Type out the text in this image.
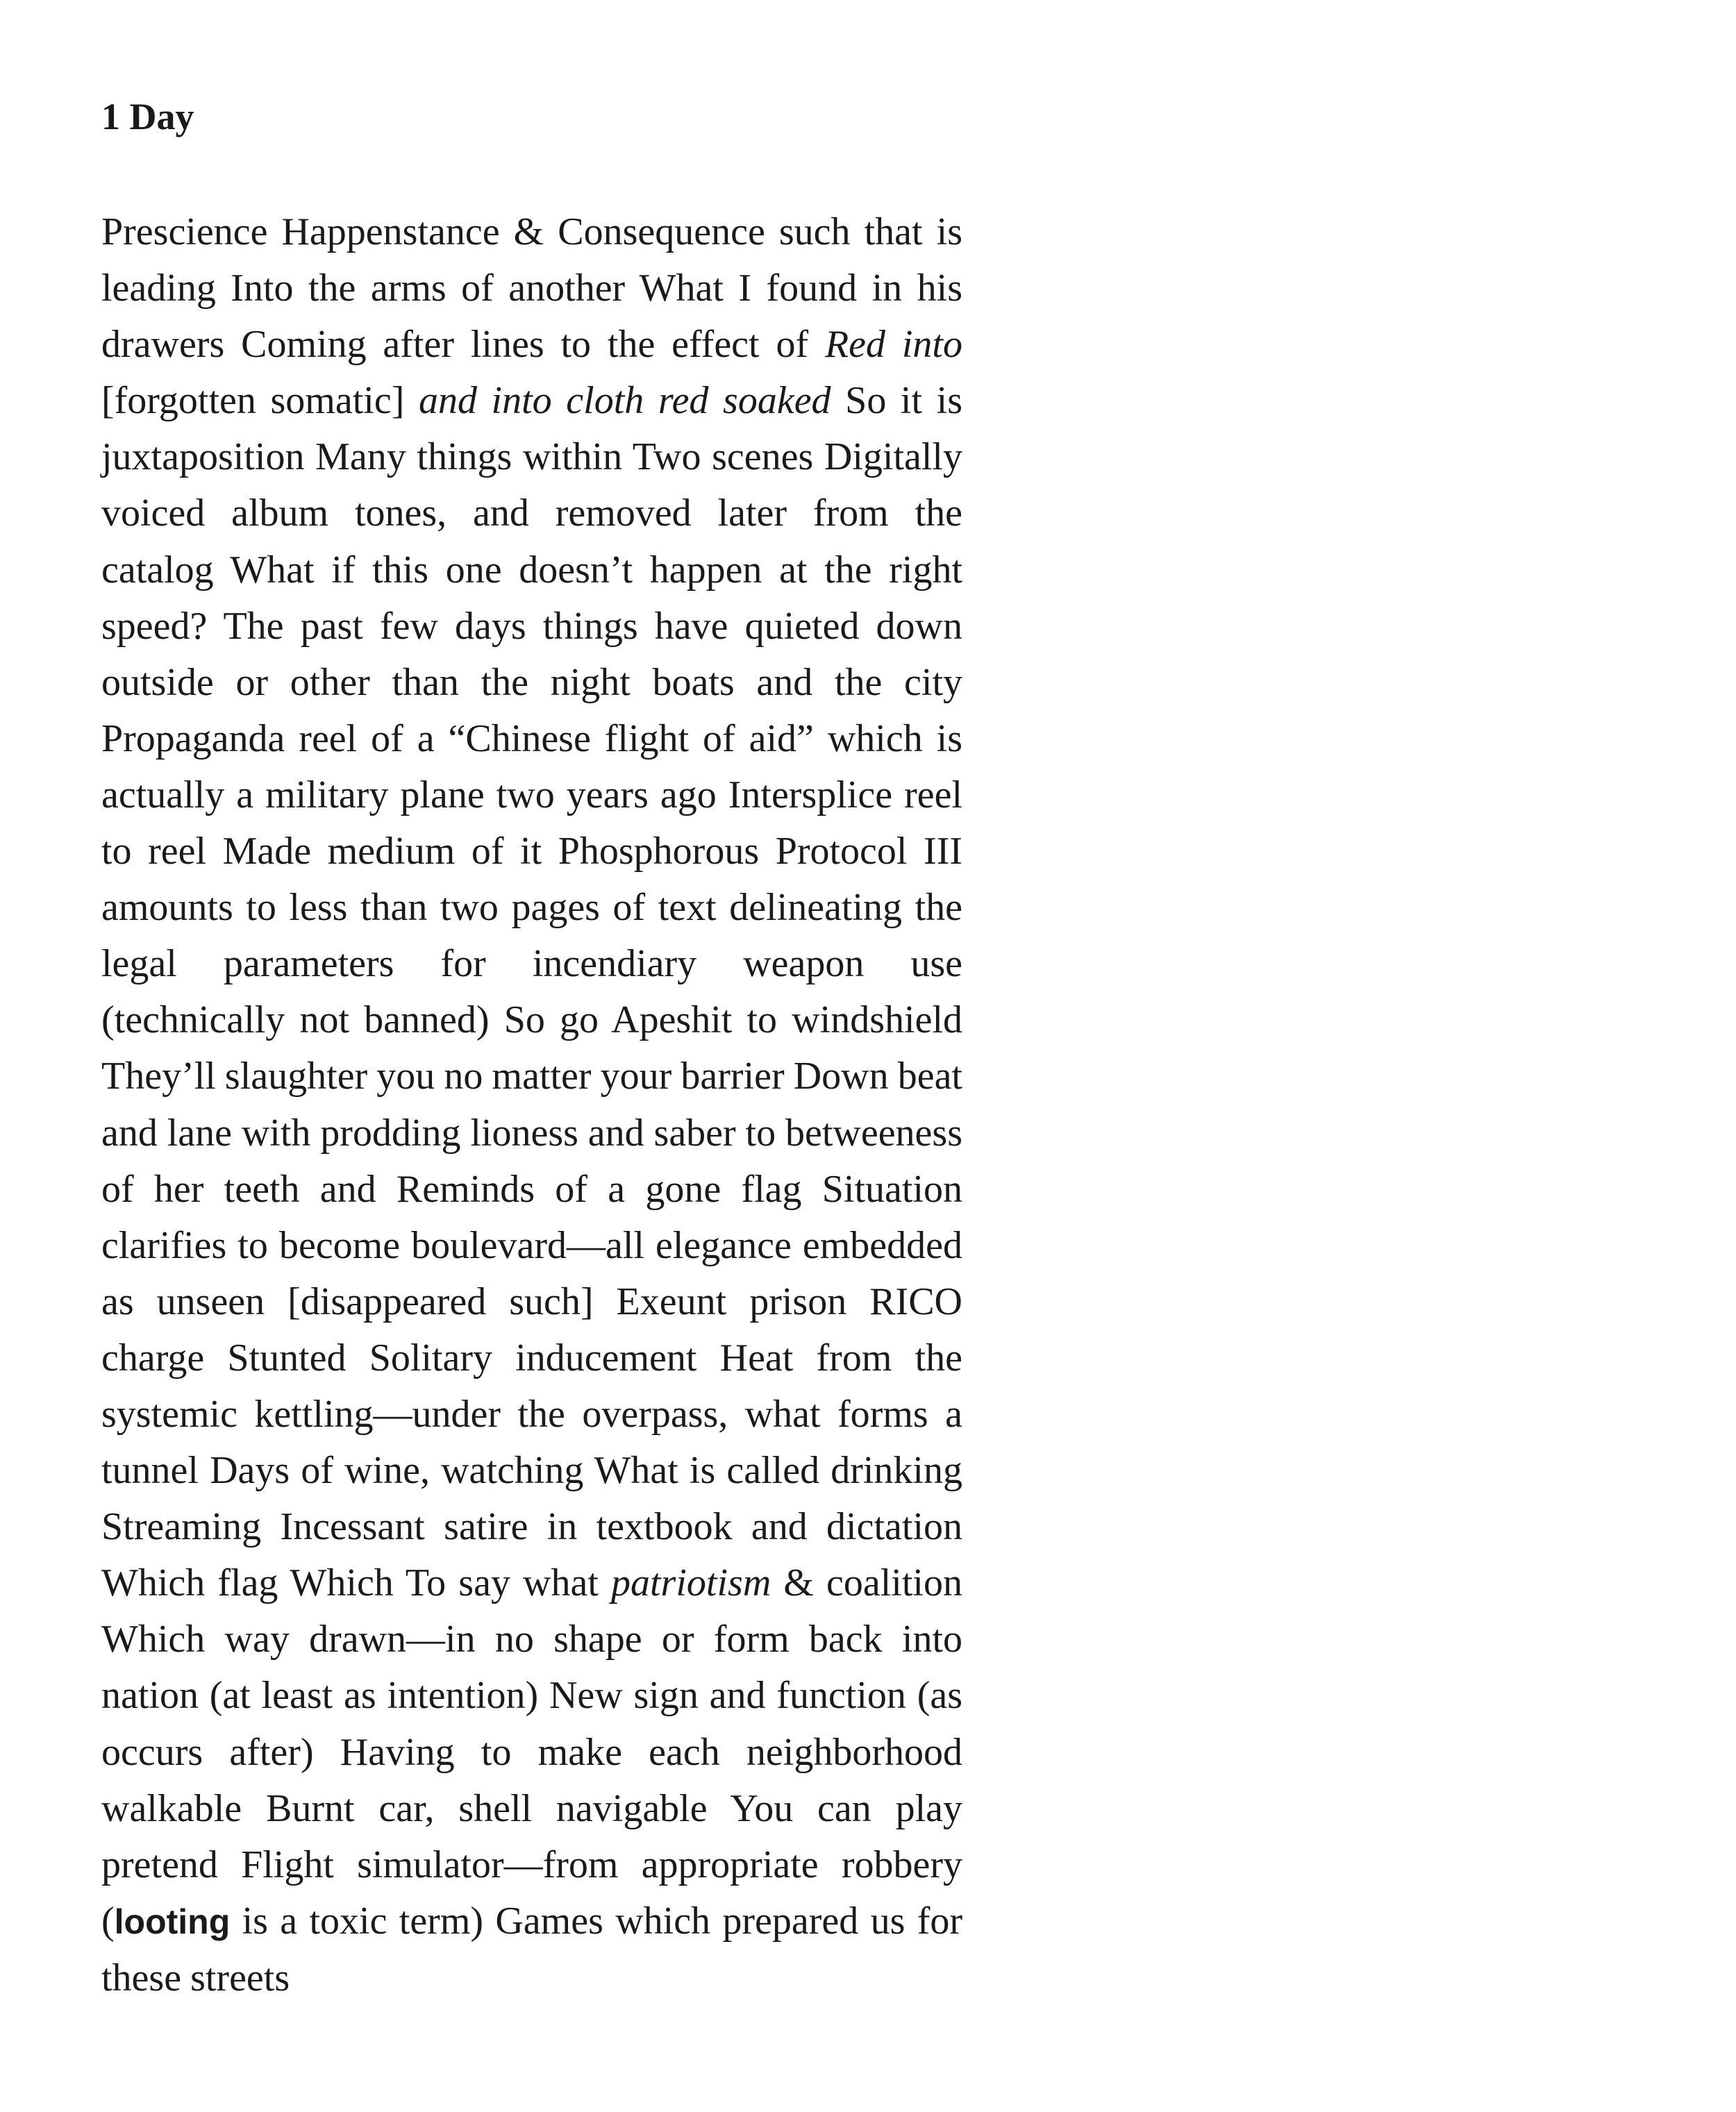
1 Day

Prescience Happenstance & Consequence such that is leading Into the arms of another What I found in his drawers Coming after lines to the effect of Red into [forgotten somatic] and into cloth red soaked So it is juxtaposition Many things within Two scenes Digitally voiced album tones, and removed later from the catalog What if this one doesn’t happen at the right speed? The past few days things have quieted down outside or other than the night boats and the city Propaganda reel of a “Chinese flight of aid” which is actually a military plane two years ago Intersplice reel to reel Made medium of it Phosphorous Protocol III amounts to less than two pages of text delineating the legal parameters for incendiary weapon use (technically not banned) So go Apeshit to windshield They’ll slaughter you no matter your barrier Down beat and lane with prodding lioness and saber to betweeness of her teeth and Reminds of a gone flag Situation clarifies to become boulevard—all elegance embedded as unseen [disappeared such] Exeunt prison RICO charge Stunted Solitary inducement Heat from the systemic kettling—under the overpass, what forms a tunnel Days of wine, watching What is called drinking Streaming Incessant satire in textbook and dictation Which flag Which To say what patriotism & coalition Which way drawn—in no shape or form back into nation (at least as intention) New sign and function (as occurs after) Having to make each neighborhood walkable Burnt car, shell navigable You can play pretend Flight simulator—from appropriate robbery (looting is a toxic term) Games which prepared us for these streets
